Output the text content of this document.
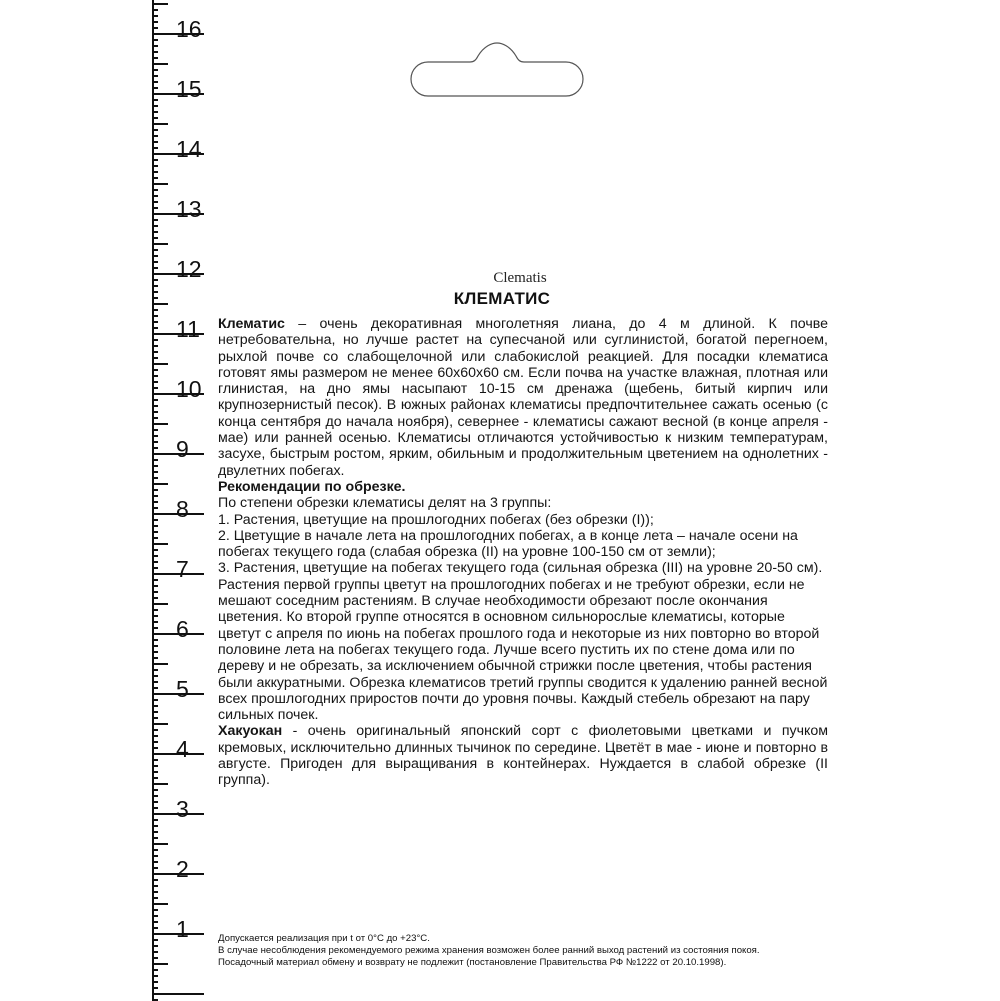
16
15
14
13
12
11
10
9
8
7
6
5
4
3
2
1
Clematis
КЛЕМАТИС

Клематис – очень декоративная многолетняя лиана, до 4 м длиной. К почве нетребовательна, но лучше растет на супесчаной или суглинистой, богатой перегноем, рыхлой почве со слабощелочной или слабокислой реакцией. Для посадки клематиса готовят ямы размером не менее 60х60х60 см. Если почва на участке влажная, плотная или глинистая, на дно ямы насыпают 10-15 см дренажа (щебень, битый кирпич или крупнозернистый песок). В южных районах клематисы предпочтительнее сажать осенью (с конца сентября до начала ноября), севернее - клематисы сажают весной (в конце апреля - мае) или ранней осенью. Клематисы отличаются устойчивостью к низким температурам, засухе, быстрым ростом, ярким, обильным и продолжительным цветением на однолетних - двулетних побегах.

Рекомендации по обрезке.

По степени обрезки клематисы делят на 3 группы:

1. Растения, цветущие на прошлогодних побегах (без обрезки (I));

2. Цветущие в начале лета на прошлогодних побегах, а в конце лета – начале осени на побегах текущего года (слабая обрезка (II) на уровне 100-150 см от земли);

3. Растения, цветущие на побегах текущего года (сильная обрезка (III) на уровне 20-50 см).

Растения первой группы цветут на прошлогодних побегах и не требуют обрезки, если не мешают соседним растениям. В случае необходимости обрезают после окончания цветения. Ко второй группе относятся в основном сильнорослые клематисы, которые цветут с апреля по июнь на побегах прошлого года и некоторые из них повторно во второй половине лета на побегах текущего года. Лучше всего пустить их по стене дома или по дереву и не обрезать, за исключением обычной стрижки после цветения, чтобы растения были аккуратными. Обрезка клематисов третий группы сводится к удалению ранней весной всех прошлогодних приростов почти до уровня почвы. Каждый стебель обрезают на пару сильных почек.

Хакуокан - очень оригинальный японский сорт с фиолетовыми цветками и пучком кремовых, исключительно длинных тычинок по середине. Цветёт в мае - июне и повторно в августе. Пригоден для выращивания в контейнерах. Нуждается в слабой обрезке (II группа).

Допускается реализация при t от 0°С до +23°С.

В случае несоблюдения рекомендуемого режима хранения возможен более ранний выход растений из состояния покоя.

Посадочный материал обмену и возврату не подлежит (постановление Правительства РФ №1222 от 20.10.1998).
